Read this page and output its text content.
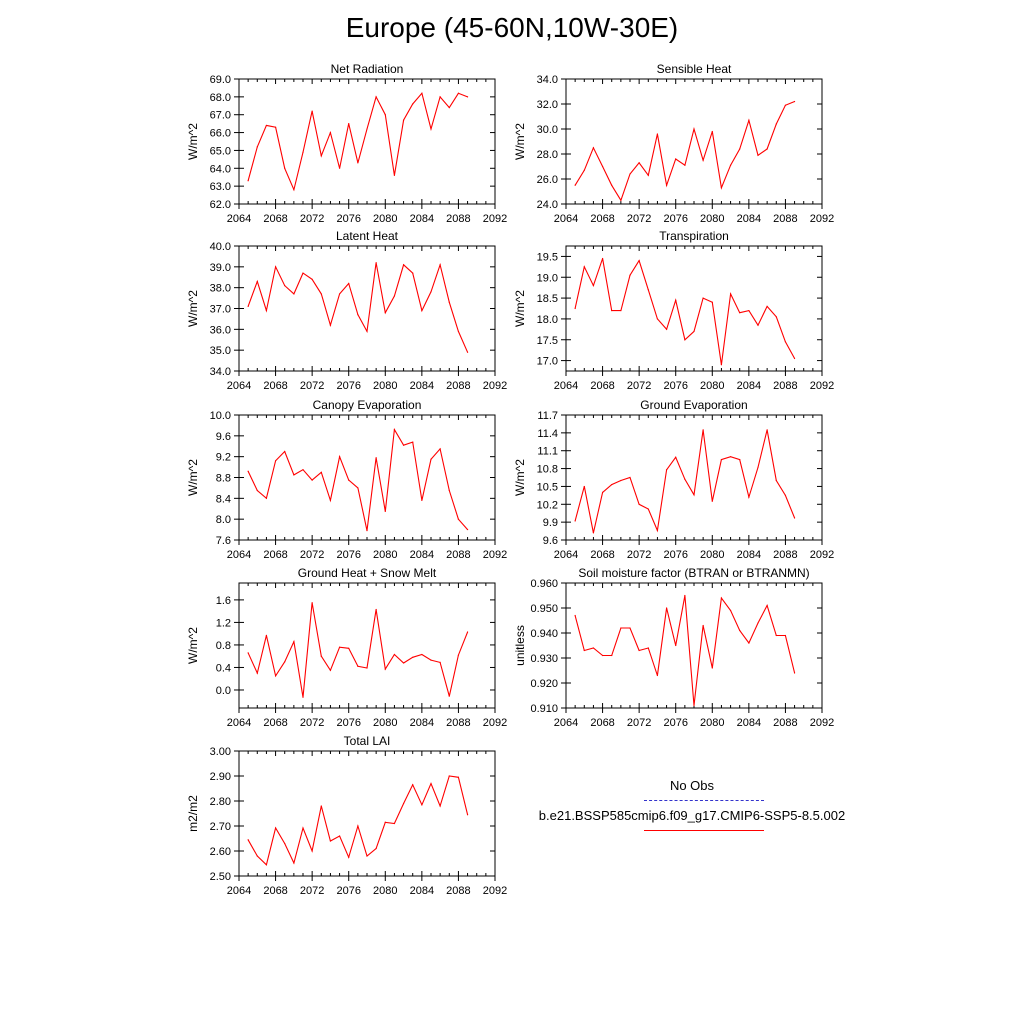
Europe (45-60N,10W-30E)
Net Radiation
W/m^2
2064 2068 2072 2076 2080 2084 2088 2092
62.0
63.0
64.0
65.0
66.0
67.0
68.0
69.0
Sensible Heat
W/m^2
2064 2068 2072 2076 2080 2084 2088 2092
24.0
26.0
28.0
30.0
32.0
34.0
Latent Heat
W/m^2
2064 2068 2072 2076 2080 2084 2088 2092
34.0
35.0
36.0
37.0
38.0
39.0
40.0
Transpiration
W/m^2
2064 2068 2072 2076 2080 2084 2088 2092
17.0
17.5
18.0
18.5
19.0
19.5
Canopy Evaporation
W/m^2
2064 2068 2072 2076 2080 2084 2088 2092
7.6
8.0
8.4
8.8
9.2
9.6
10.0
Ground Evaporation
W/m^2
2064 2068 2072 2076 2080 2084 2088 2092
9.6
9.9
10.2
10.5
10.8
11.1
11.4
11.7
Ground Heat + Snow Melt
W/m^2
2064 2068 2072 2076 2080 2084 2088 2092
0.0
0.4
0.8
1.2
1.6
Soil moisture factor (BTRAN or BTRANMN)
unitless
2064 2068 2072 2076 2080 2084 2088 2092
0.910
0.920
0.930
0.940
0.950
0.960
Total LAI
m2/m2
2064 2068 2072 2076 2080 2084 2088 2092
2.50
2.60
2.70
2.80
2.90
3.00
No Obs
b.e21.BSSP585cmip6.f09_g17.CMIP6-SSP5-8.5.002
